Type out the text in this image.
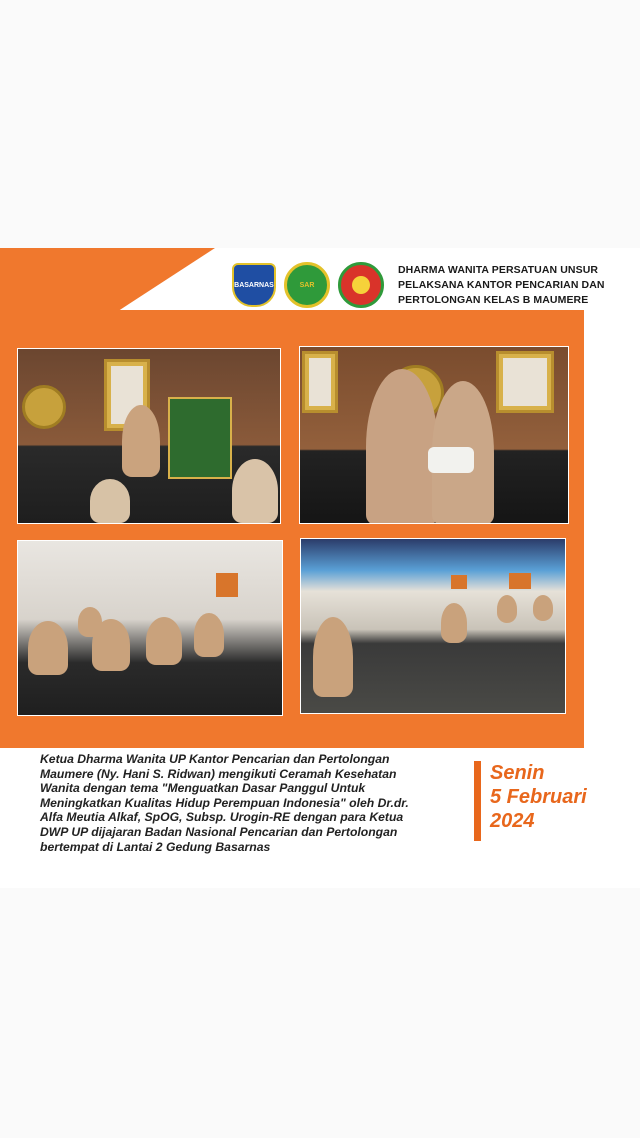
BASARNAS	SAR
DHARMA WANITA PERSATUAN UNSUR
PELAKSANA KANTOR PENCARIAN DAN
PERTOLONGAN KELAS B MAUMERE
Ketua Dharma Wanita UP Kantor Pencarian dan Pertolongan Maumere (Ny. Hani S. Ridwan) mengikuti Ceramah Kesehatan Wanita dengan tema "Menguatkan Dasar Panggul Untuk Meningkatkan Kualitas Hidup Perempuan Indonesia" oleh Dr.dr. Alfa Meutia Alkaf, SpOG, Subsp. Urogin-RE dengan para Ketua DWP UP dijajaran Badan Nasional Pencarian dan Pertolongan bertempat di Lantai 2 Gedung Basarnas
Senin
5 Februari
2024
